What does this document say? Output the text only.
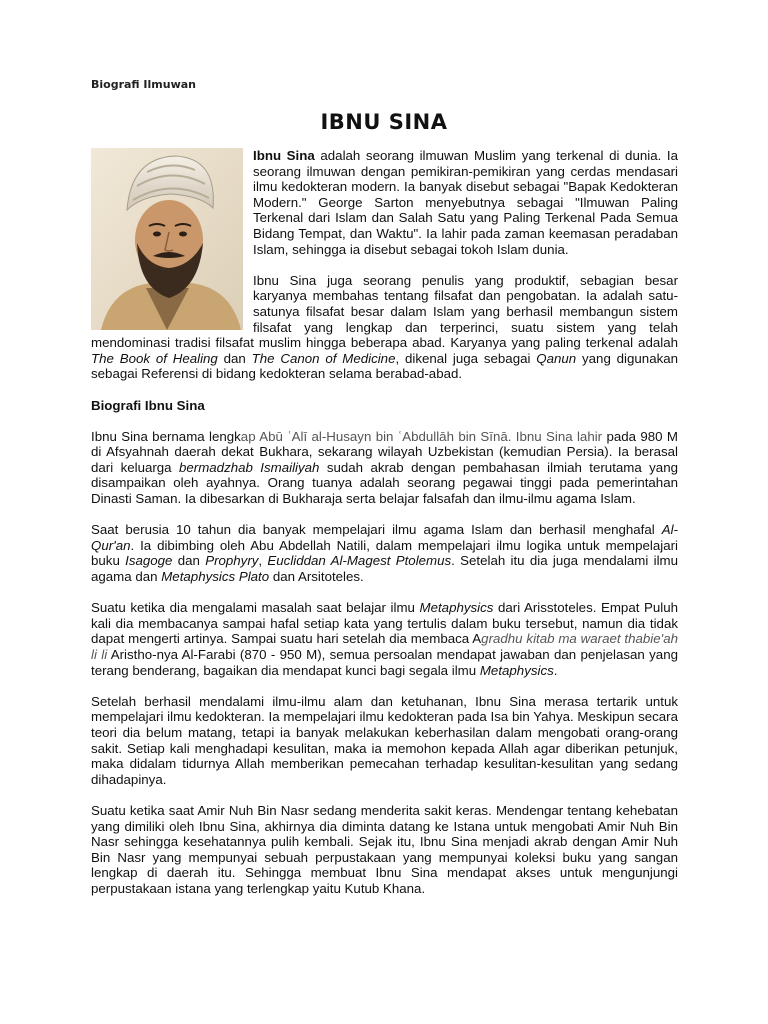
Biografi Ilmuwan
IBNU SINA

Ibnu Sina adalah seorang ilmuwan Muslim yang terkenal di dunia. Ia seorang ilmuwan dengan pemikiran-pemikiran yang cerdas mendasari ilmu kedokteran modern. Ia banyak disebut sebagai "Bapak Kedokteran Modern." George Sarton menyebutnya sebagai "Ilmuwan Paling Terkenal dari Islam dan Salah Satu yang Paling Terkenal Pada Semua Bidang Tempat, dan Waktu". Ia lahir pada zaman keemasan peradaban Islam, sehingga ia disebut sebagai tokoh Islam dunia.

Ibnu Sina juga seorang penulis yang produktif, sebagian besar karyanya membahas tentang filsafat dan pengobatan. Ia adalah satu-satunya filsafat besar dalam Islam yang berhasil membangun sistem filsafat yang lengkap dan terperinci, suatu sistem yang telah mendominasi tradisi filsafat muslim hingga beberapa abad. Karyanya yang paling terkenal adalah The Book of Healing dan The Canon of Medicine, dikenal juga sebagai Qanun yang digunakan sebagai Referensi di bidang kedokteran selama berabad-abad.

Biografi Ibnu Sina

Ibnu Sina bernama lengkap Abū ʿAlī al-Husayn bin ʿAbdullāh bin Sīnā. Ibnu Sina lahir pada 980 M di Afsyahnah daerah dekat Bukhara, sekarang wilayah Uzbekistan (kemudian Persia). Ia berasal dari keluarga bermadzhab Ismailiyah sudah akrab dengan pembahasan ilmiah terutama yang disampaikan oleh ayahnya. Orang tuanya adalah seorang pegawai tinggi pada pemerintahan Dinasti Saman. Ia dibesarkan di Bukharaja serta belajar falsafah dan ilmu-ilmu agama Islam.

Saat berusia 10 tahun dia banyak mempelajari ilmu agama Islam dan berhasil menghafal Al-Qur'an. Ia dibimbing oleh Abu Abdellah Natili, dalam mempelajari ilmu logika untuk mempelajari buku Isagoge dan Prophyry, Eucliddan Al-Magest Ptolemus. Setelah itu dia juga mendalami ilmu agama dan Metaphysics Plato dan Arsitoteles.

Suatu ketika dia mengalami masalah saat belajar ilmu Metaphysics dari Arisstoteles. Empat Puluh kali dia membacanya sampai hafal setiap kata yang tertulis dalam buku tersebut, namun dia tidak dapat mengerti artinya. Sampai suatu hari setelah dia membaca Agradhu kitab ma waraet thabie'ah li li Aristho-nya Al-Farabi (870 - 950 M), semua persoalan mendapat jawaban dan penjelasan yang terang benderang, bagaikan dia mendapat kunci bagi segala ilmu Metaphysics.

Setelah berhasil mendalami ilmu-ilmu alam dan ketuhanan, Ibnu Sina merasa tertarik untuk mempelajari ilmu kedokteran. Ia mempelajari ilmu kedokteran pada Isa bin Yahya. Meskipun secara teori dia belum matang, tetapi ia banyak melakukan keberhasilan dalam mengobati orang-orang sakit. Setiap kali menghadapi kesulitan, maka ia memohon kepada Allah agar diberikan petunjuk, maka didalam tidurnya Allah memberikan pemecahan terhadap kesulitan-kesulitan yang sedang dihadapinya.

Suatu ketika saat Amir Nuh Bin Nasr sedang menderita sakit keras. Mendengar tentang kehebatan yang dimiliki oleh Ibnu Sina, akhirnya dia diminta datang ke Istana untuk mengobati Amir Nuh Bin Nasr sehingga kesehatannya pulih kembali. Sejak itu, Ibnu Sina menjadi akrab dengan Amir Nuh Bin Nasr yang mempunyai sebuah perpustakaan yang mempunyai koleksi buku yang sangan lengkap di daerah itu. Sehingga membuat Ibnu Sina mendapat akses untuk mengunjungi perpustakaan istana yang terlengkap yaitu Kutub Khana.
